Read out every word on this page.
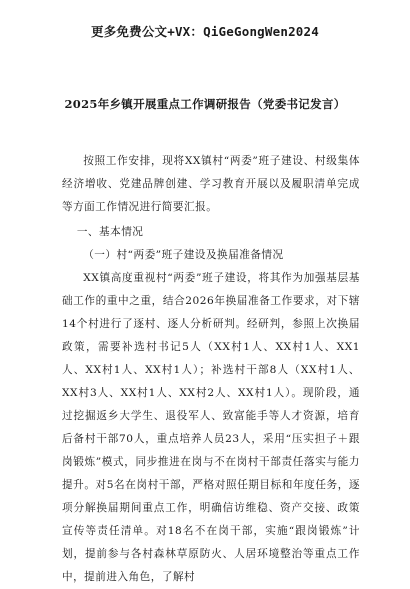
更多免费公文+VX：QiGeGongWen2024
2025年乡镇开展重点工作调研报告（党委书记发言）

按照工作安排，现将XX镇村“两委”班子建设、村级集体经济增收、党建品牌创建、学习教育开展以及履职清单完成等方面工作情况进行简要汇报。

一、基本情况

（一）村“两委”班子建设及换届准备情况

XX镇高度重视村“两委”班子建设，将其作为加强基层基础工作的重中之重，结合2026年换届准备工作要求，对下辖14个村进行了逐村、逐人分析研判。经研判，参照上次换届政策，需要补选村书记5人（XX村1人、XX村1人、XX1人、XX村1人、XX村1人）；补选村干部8人（XX村1人、XX村3人、XX村1人、XX村2人、XX村1人）。现阶段，通过挖掘返乡大学生、退役军人、致富能手等人才资源，培育后备村干部70人，重点培养人员23人，采用“压实担子＋跟岗锻炼”模式，同步推进在岗与不在岗村干部责任落实与能力提升。对5名在岗村干部，严格对照任期目标和年度任务，逐项分解换届期间重点工作，明确信访维稳、资产交接、政策宣传等责任清单。对18名不在岗干部，实施“跟岗锻炼”计划，提前参与各村森林草原防火、人居环境整治等重点工作中，提前进入角色，了解村
